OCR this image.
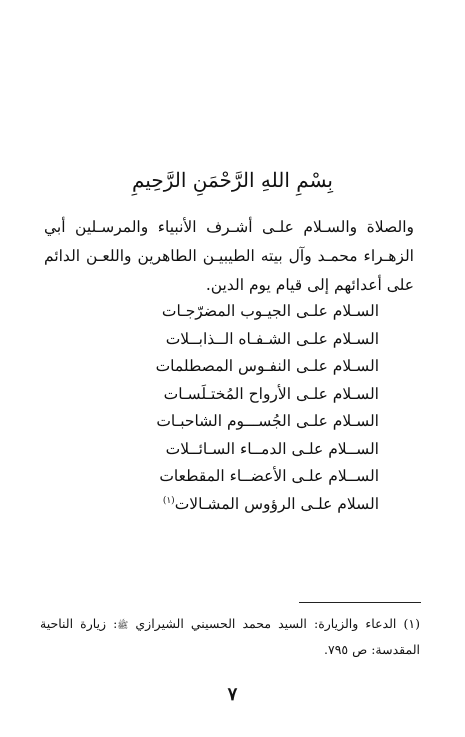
بِسْمِ اللهِ الرَّحْمَنِ الرَّحِيمِ

والصلاة والسـلام علـى أشـرف الأنبياء والمرسـلين أبي الزهـراء محمـد وآل بيته الطيبيـن الطاهرين واللعـن الدائم على أعدائهم إلى قيام يوم الدين.

السـلام علـى الجيـوب المضرّجـات
السـلام علـى الشـفـاه الــذابــلات
السـلام علـى النفـوس المصطلمات
السـلام علـى الأرواح المُختـلَسـات
السـلام علـى الجُســـوم الشاحبـات
الســلام علـى الدمــاء السـائــلات
الســلام علـى الأعضــاء المقطعات
السلام علـى الرؤوس المشـالات$^{(١)}$
(١) الدعاء والزيارة: السيد محمد الحسيني الشيرازي ﷺ: زيارة الناحية المقدسة: ص ٧٩٥.
٧
